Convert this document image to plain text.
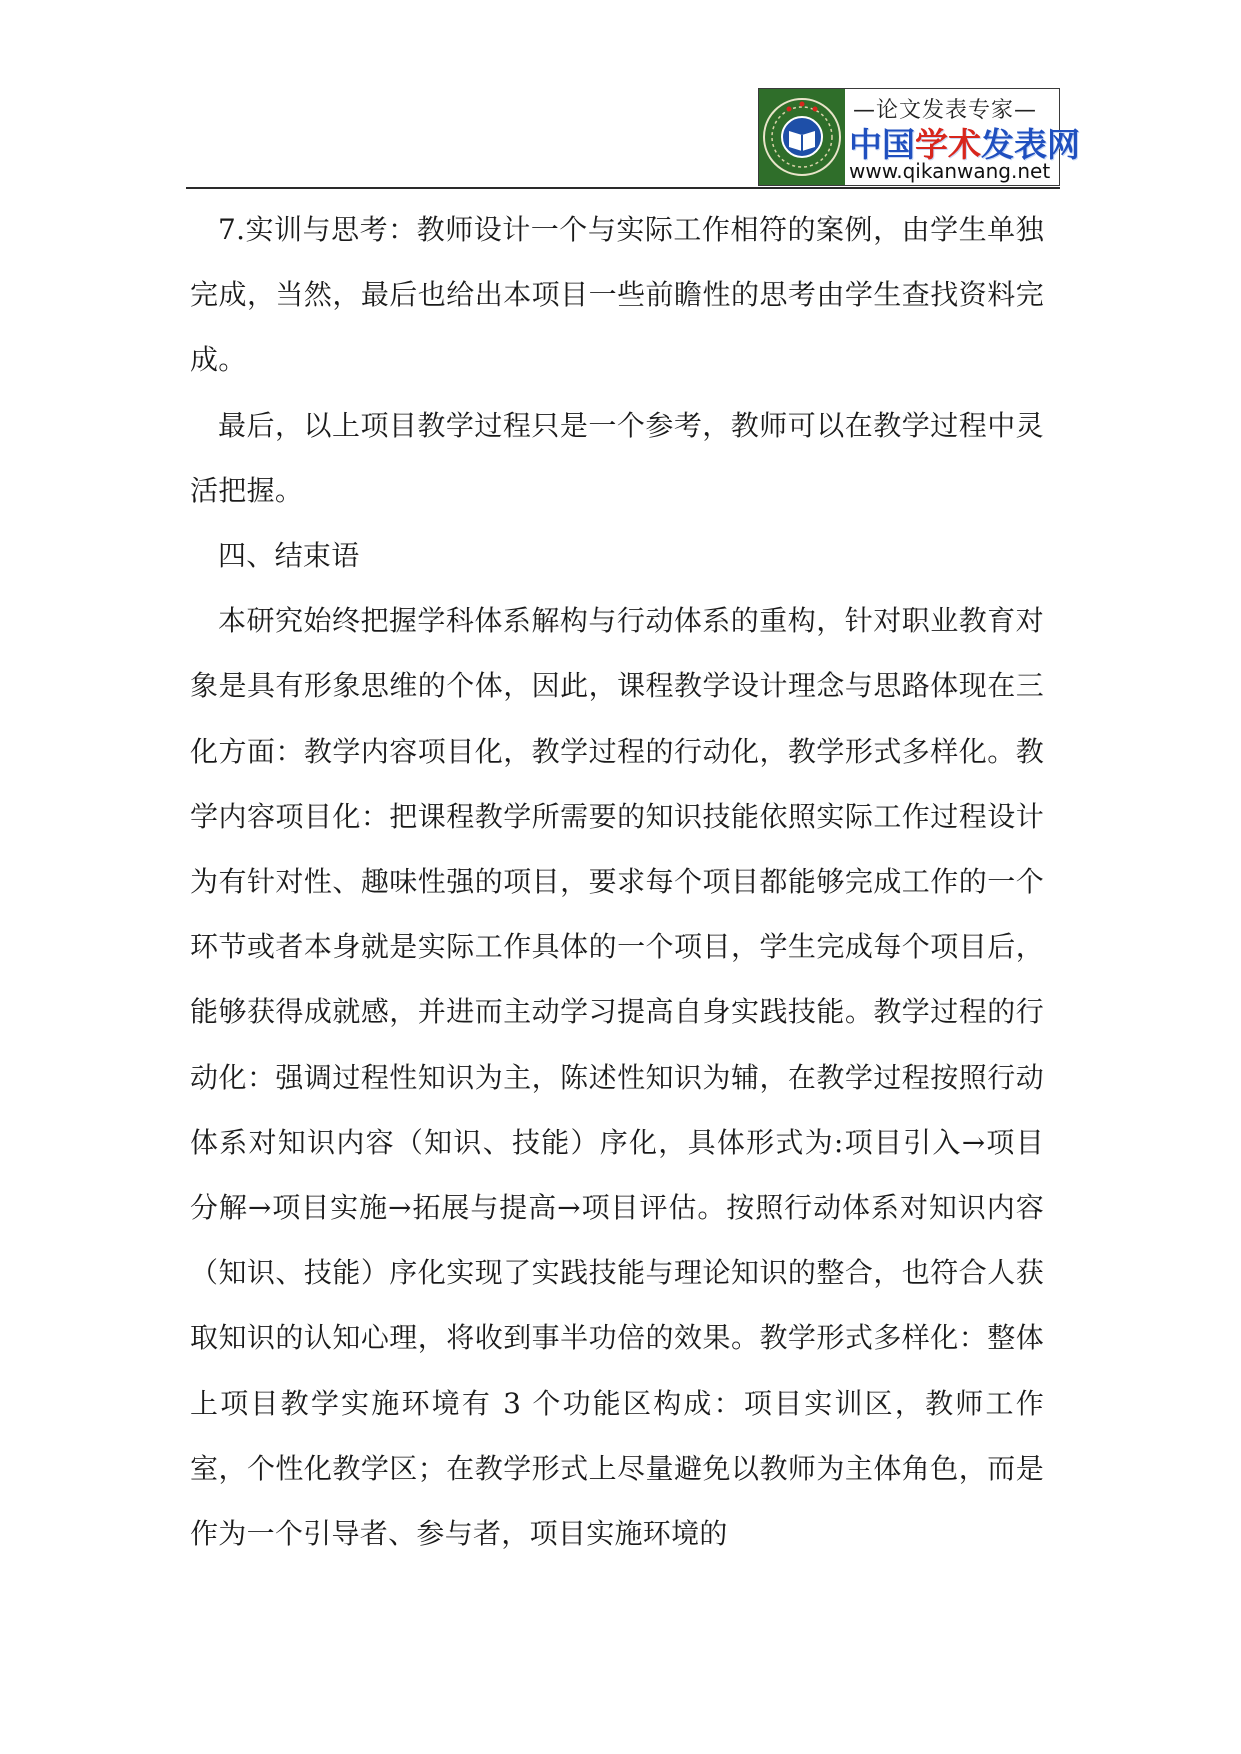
—论文发表专家—
中国学术发表网
www.qikanwang.net

7.实训与思考：教师设计一个与实际工作相符的案例，由学生单独完成，当然，最后也给出本项目一些前瞻性的思考由学生查找资料完成。

最后，以上项目教学过程只是一个参考，教师可以在教学过程中灵活把握。

四、结束语

本研究始终把握学科体系解构与行动体系的重构，针对职业教育对象是具有形象思维的个体，因此，课程教学设计理念与思路体现在三化方面：教学内容项目化，教学过程的行动化，教学形式多样化。教学内容项目化：把课程教学所需要的知识技能依照实际工作过程设计为有针对性、趣味性强的项目，要求每个项目都能够完成工作的一个环节或者本身就是实际工作具体的一个项目，学生完成每个项目后，能够获得成就感，并进而主动学习提高自身实践技能。教学过程的行动化：强调过程性知识为主，陈述性知识为辅，在教学过程按照行动体系对知识内容（知识、技能）序化，具体形式为:项目引入→项目分解→项目实施→拓展与提高→项目评估。按照行动体系对知识内容（知识、技能）序化实现了实践技能与理论知识的整合，也符合人获取知识的认知心理，将收到事半功倍的效果。教学形式多样化：整体上项目教学实施环境有 3 个功能区构成：项目实训区，教师工作室，个性化教学区；在教学形式上尽量避免以教师为主体角色，而是作为一个引导者、参与者，项目实施环境的
